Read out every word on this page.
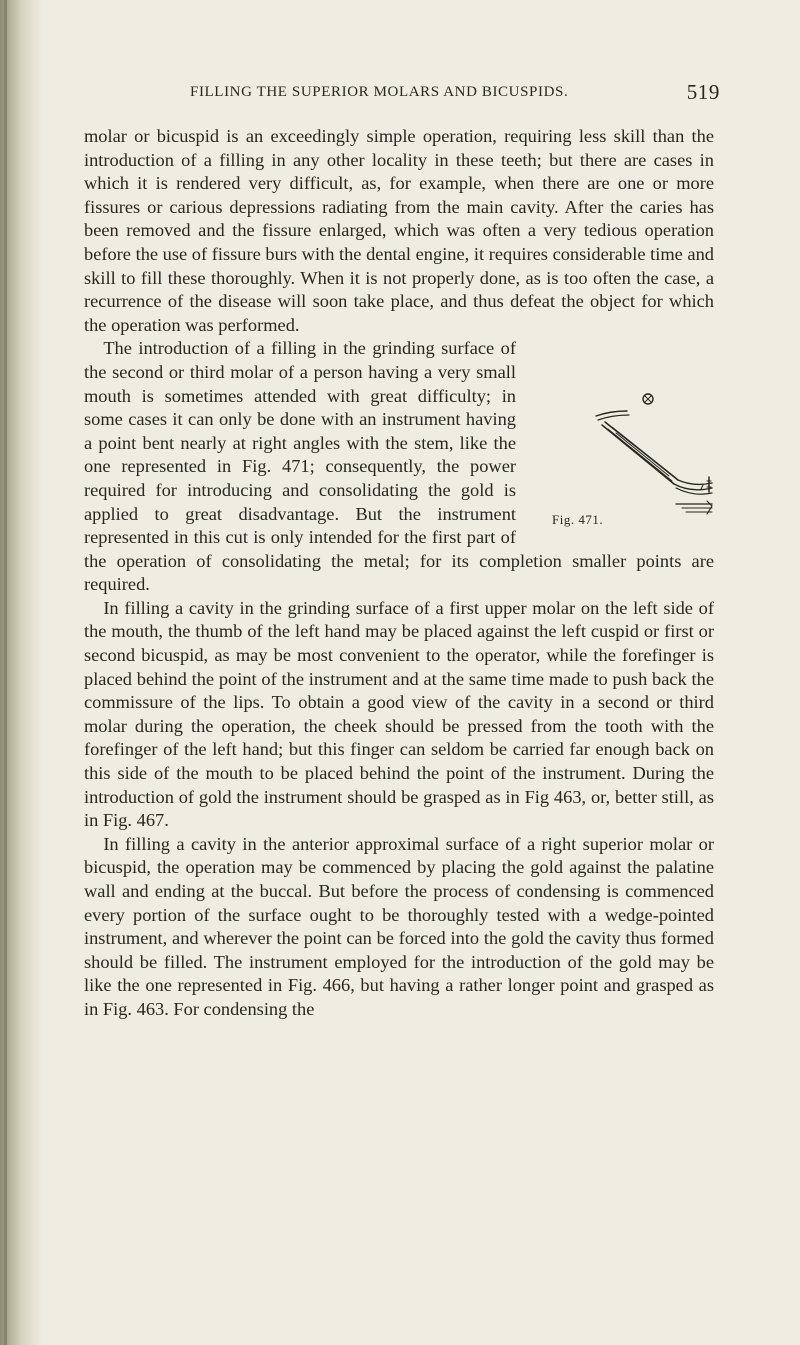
FILLING THE SUPERIOR MOLARS AND BICUSPIDS.	519

molar or bicuspid is an exceedingly simple operation, requiring less skill than the introduction of a filling in any other locality in these teeth; but there are cases in which it is rendered very difficult, as, for example, when there are one or more fissures or carious depressions radiating from the main cavity. After the caries has been removed and the fissure enlarged, which was often a very tedious operation before the use of fissure burs with the dental engine, it requires considerable time and skill to fill these thoroughly. When it is not properly done, as is too often the case, a recurrence of the disease will soon take place, and thus defeat the object for which the operation was performed.

Fig. 471.

The introduction of a filling in the grinding surface of the second or third molar of a person having a very small mouth is sometimes attended with great difficulty; in some cases it can only be done with an instrument having a point bent nearly at right angles with the stem, like the one represented in Fig. 471; consequently, the power required for introducing and consolidating the gold is applied to great disadvantage. But the instrument represented in this cut is only intended for the first part of the operation of consolidating the metal; for its completion smaller points are required.

In filling a cavity in the grinding surface of a first upper molar on the left side of the mouth, the thumb of the left hand may be placed against the left cuspid or first or second bicuspid, as may be most convenient to the operator, while the forefinger is placed behind the point of the instrument and at the same time made to push back the commissure of the lips. To obtain a good view of the cavity in a second or third molar during the operation, the cheek should be pressed from the tooth with the forefinger of the left hand; but this finger can seldom be carried far enough back on this side of the mouth to be placed behind the point of the instrument. During the introduction of gold the instrument should be grasped as in Fig 463, or, better still, as in Fig. 467.

In filling a cavity in the anterior approximal surface of a right superior molar or bicuspid, the operation may be commenced by placing the gold against the palatine wall and ending at the buccal. But before the process of condensing is commenced every portion of the surface ought to be thoroughly tested with a wedge-pointed instrument, and wherever the point can be forced into the gold the cavity thus formed should be filled. The instrument employed for the introduction of the gold may be like the one represented in Fig. 466, but having a rather longer point and grasped as in Fig. 463. For condensing the
